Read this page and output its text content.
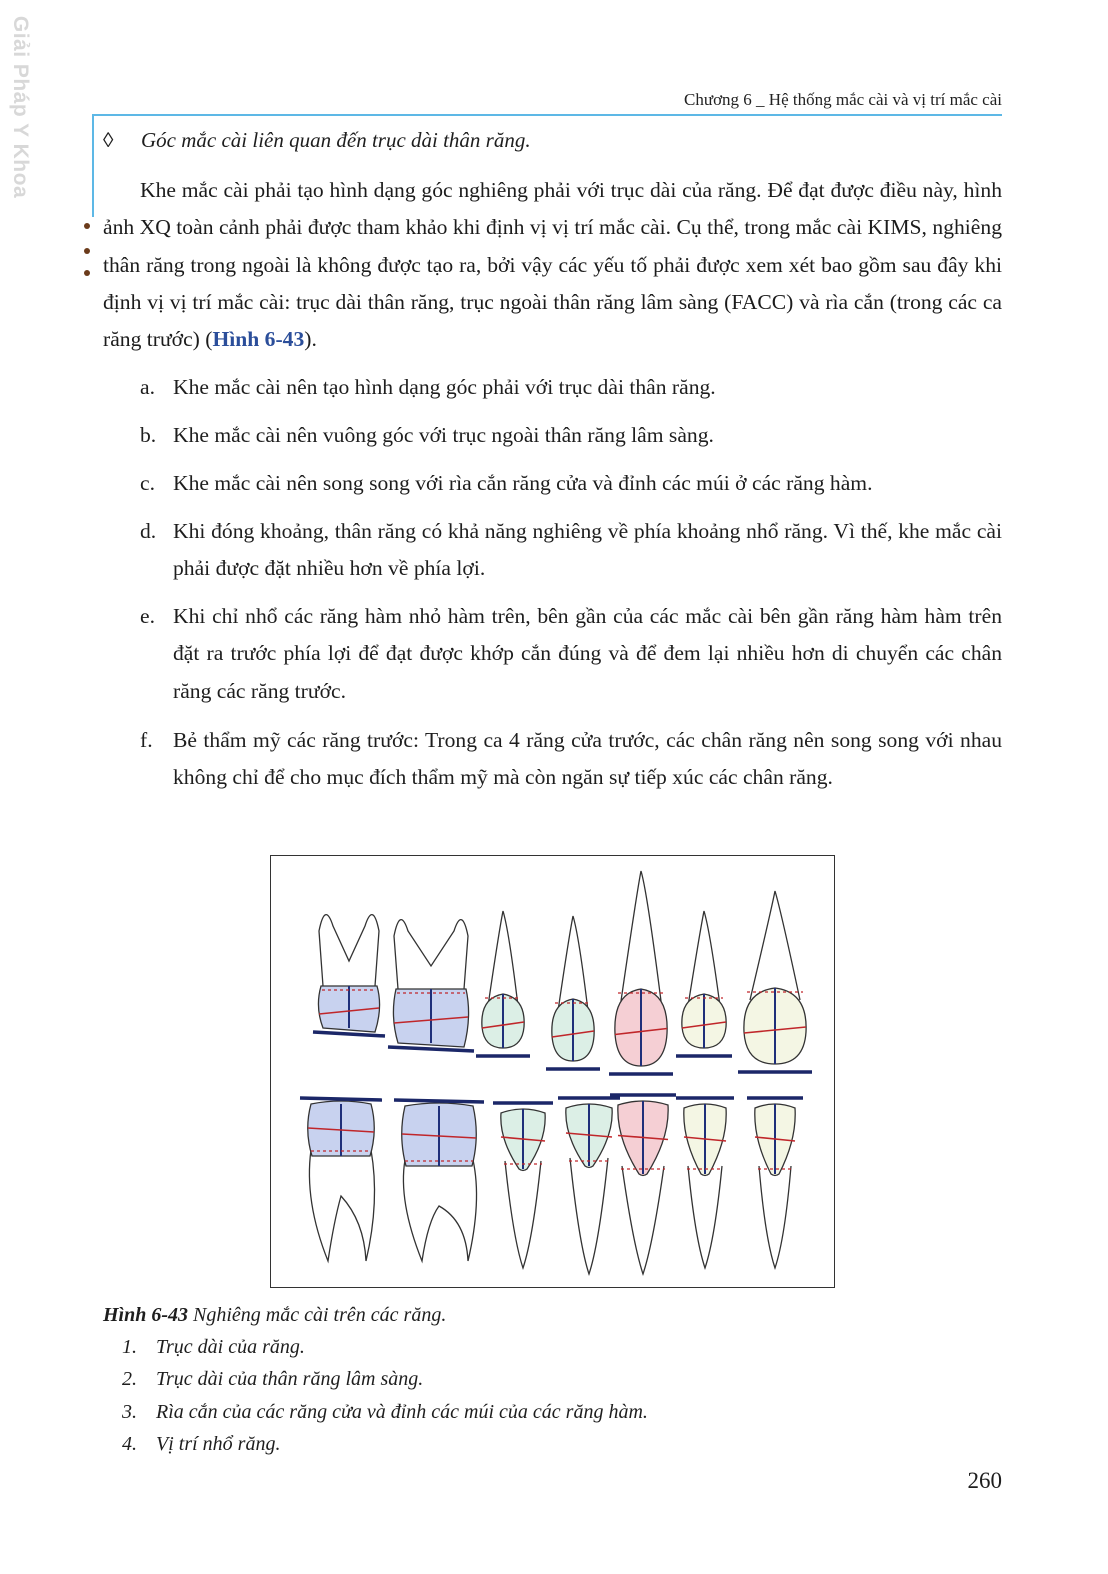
Giải Pháp Y Khoa	Chương 6 _ Hệ thống mắc cài và vị trí mắc cài
◊ Góc mắc cài liên quan đến trục dài thân răng.
Khe mắc cài phải tạo hình dạng góc nghiêng phải với trục dài của răng. Để đạt được điều này, hình ảnh XQ toàn cảnh phải được tham khảo khi định vị vị trí mắc cài. Cụ thể, trong mắc cài KIMS, nghiêng thân răng trong ngoài là không được tạo ra, bởi vậy các yếu tố phải được xem xét bao gồm sau đây khi định vị vị trí mắc cài: trục dài thân răng, trục ngoài thân răng lâm sàng (FACC) và rìa cắn (trong các ca răng trước) (Hình 6-43).
a. Khe mắc cài nên tạo hình dạng góc phải với trục dài thân răng.
b. Khe mắc cài nên vuông góc với trục ngoài thân răng lâm sàng.
c. Khe mắc cài nên song song với rìa cắn răng cửa và đỉnh các múi ở các răng hàm.
d. Khi đóng khoảng, thân răng có khả năng nghiêng về phía khoảng nhổ răng. Vì thế, khe mắc cài phải được đặt nhiều hơn về phía lợi.
e. Khi chỉ nhổ các răng hàm nhỏ hàm trên, bên gần của các mắc cài bên gần răng hàm hàm trên đặt ra trước phía lợi để đạt được khớp cắn đúng và để đem lại nhiều hơn di chuyển các chân răng các răng trước.
f. Bẻ thẩm mỹ các răng trước: Trong ca 4 răng cửa trước, các chân răng nên song song với nhau không chỉ để cho mục đích thẩm mỹ mà còn ngăn sự tiếp xúc các chân răng.
Hình 6-43 Nghiêng mắc cài trên các răng.
1. Trục dài của răng.
2. Trục dài của thân răng lâm sàng.
3. Rìa cắn của các răng cửa và đỉnh các múi của các răng hàm.
4. Vị trí nhổ răng.
260
